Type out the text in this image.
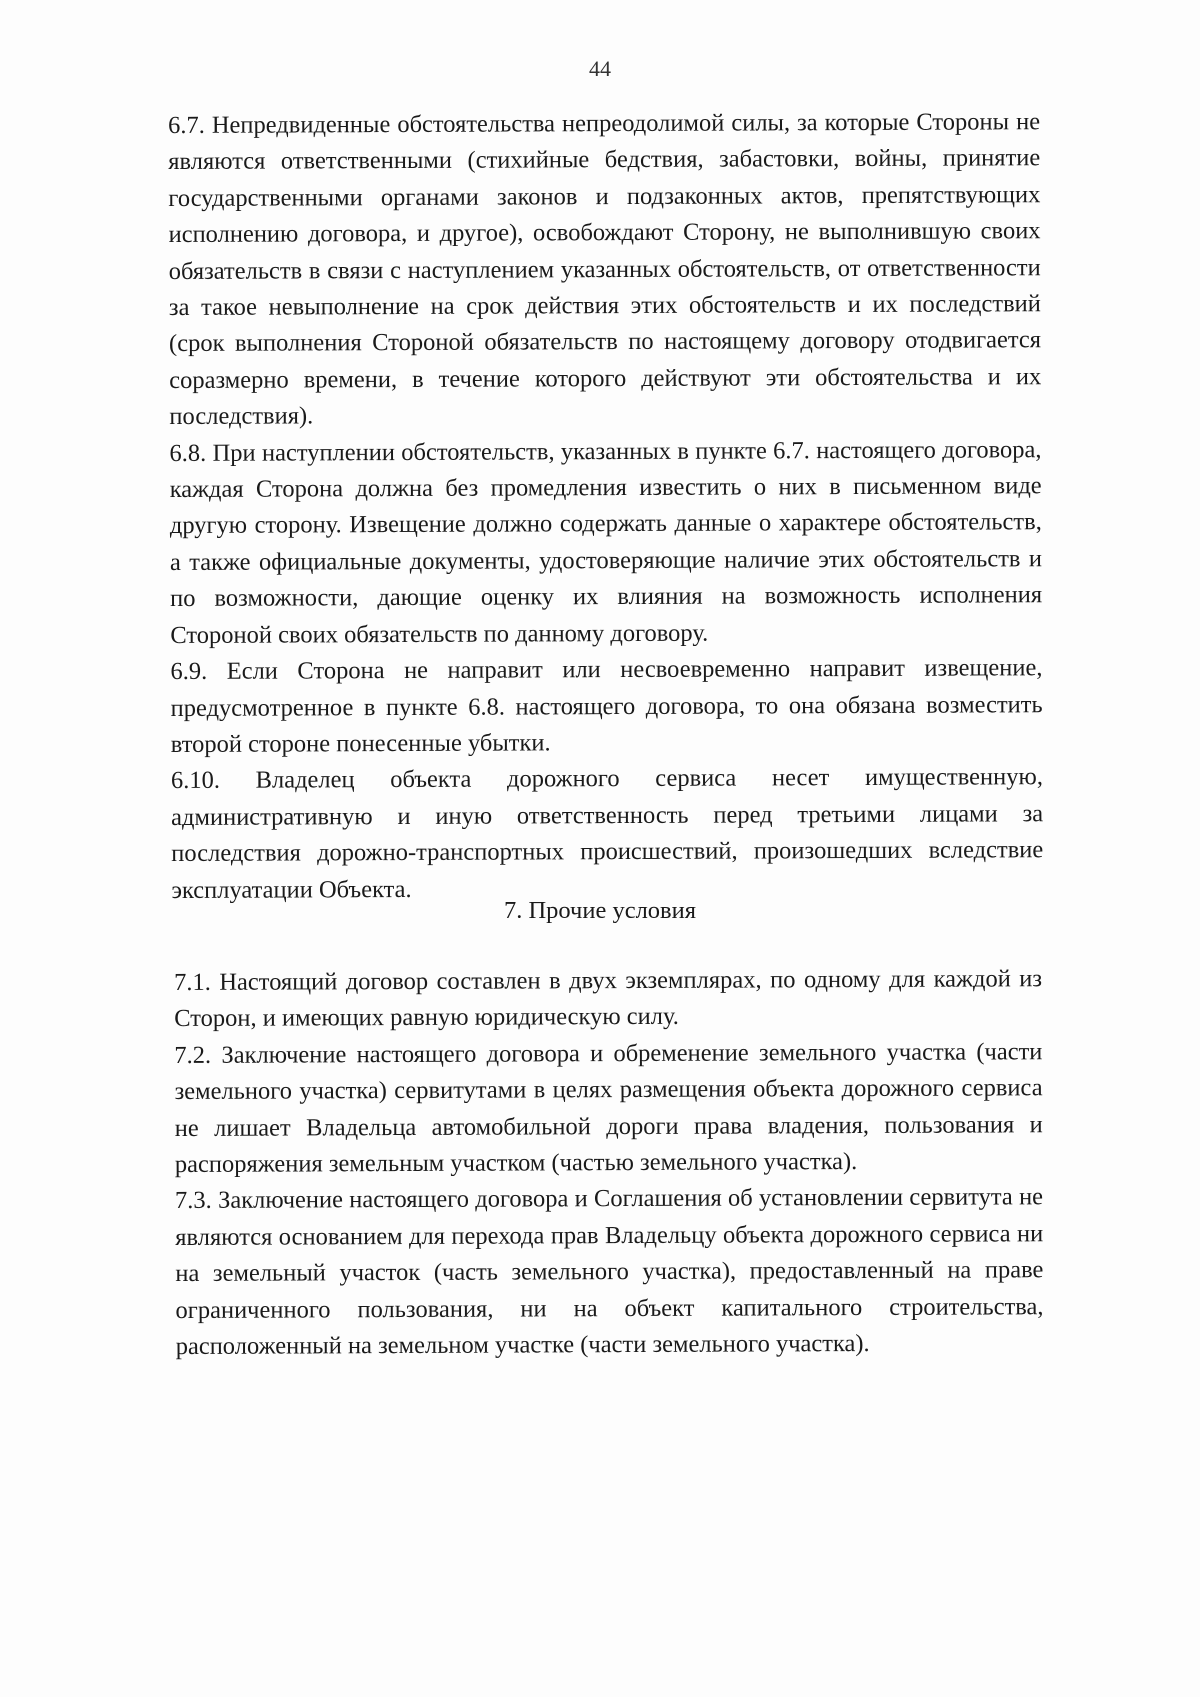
44

6.7. Непредвиденные обстоятельства непреодолимой силы, за которые Стороны не являются ответственными (стихийные бедствия, забастовки, войны, принятие государственными органами законов и подзаконных актов, препятствующих исполнению договора, и другое), освобождают Сторону, не выполнившую своих обязательств в связи с наступлением указанных обстоятельств, от ответственности за такое невыполнение на срок действия этих обстоятельств и их последствий (срок выполнения Стороной обязательств по настоящему договору отодвигается соразмерно времени, в течение которого действуют эти обстоятельства и их последствия).

6.8. При наступлении обстоятельств, указанных в пункте 6.7. настоящего договора, каждая Сторона должна без промедления известить о них в письменном виде другую сторону. Извещение должно содержать данные о характере обстоятельств, а также официальные документы, удостоверяющие наличие этих обстоятельств и по возможности, дающие оценку их влияния на возможность исполнения Стороной своих обязательств по данному договору.

6.9. Если Сторона не направит или несвоевременно направит извещение, предусмотренное в пункте 6.8. настоящего договора, то она обязана возместить второй стороне понесенные убытки.

6.10. Владелец объекта дорожного сервиса несет имущественную, административную и иную ответственность перед третьими лицами за последствия дорожно-транспортных происшествий, произошедших вследствие эксплуатации Объекта.

7. Прочие условия

7.1. Настоящий договор составлен в двух экземплярах, по одному для каждой из Сторон, и имеющих равную юридическую силу.

7.2. Заключение настоящего договора и обременение земельного участка (части земельного участка) сервитутами в целях размещения объекта дорожного сервиса не лишает Владельца автомобильной дороги права владения, пользования и распоряжения земельным участком (частью земельного участка).

7.3. Заключение настоящего договора и Соглашения об установлении сервитута не являются основанием для перехода прав Владельцу объекта дорожного сервиса ни на земельный участок (часть земельного участка), предоставленный на праве ограниченного пользования, ни на объект капитального строительства, расположенный на земельном участке (части земельного участка).
